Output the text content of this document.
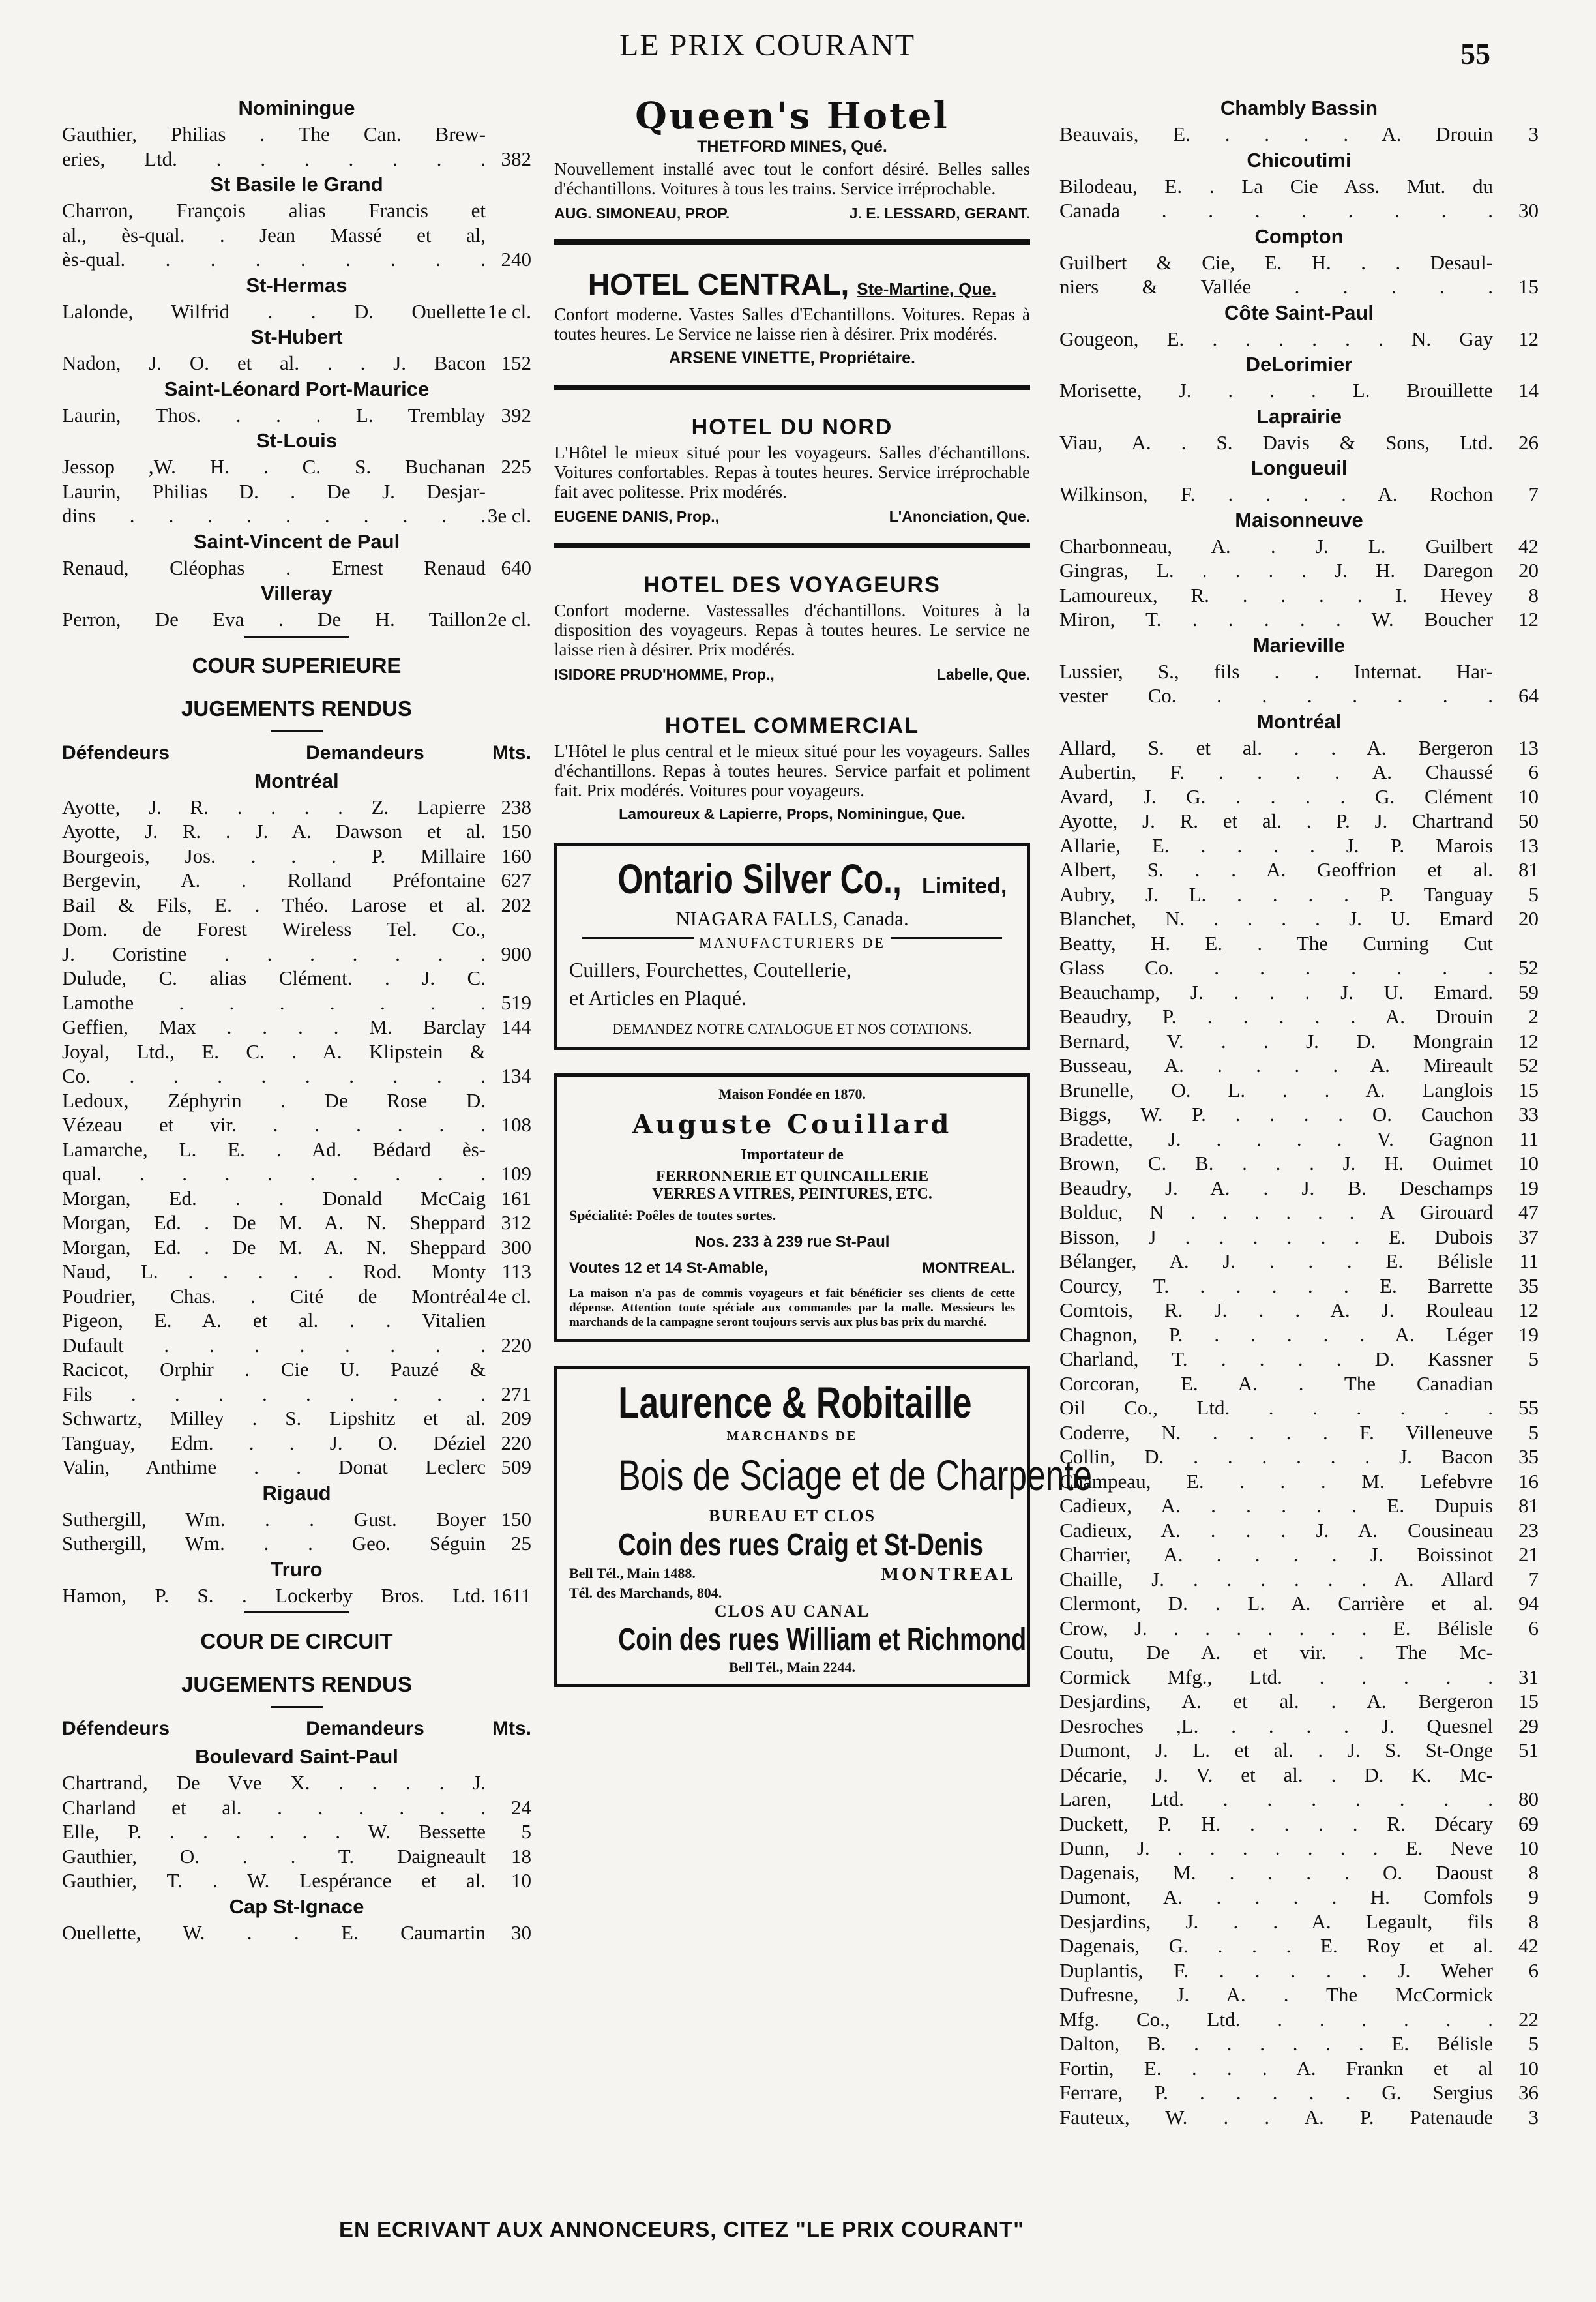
LE PRIX COURANT	55
Nominingue
Gauthier, Philias . The Can. Brew-
eries, Ltd. . . . . . . . 382
St Basile le Grand
Charron, François alias Francis et
al., ès-qual. . Jean Massé et al,
ès-qual. . . . . . . . . 240
St-Hermas
Lalonde, Wilfrid . . D. Ouellette 1e cl.
St-Hubert
Nadon, J. O. et al. . . J. Bacon 152
Saint-Léonard Port-Maurice
Laurin, Thos. . . . L. Tremblay 392
St-Louis
Jessop ,W. H. . C. S. Buchanan 225
Laurin, Philias D. . De J. Desjar-
dins . . . . . . . . . . 3e cl.
Saint-Vincent de Paul
Renaud, Cléophas . Ernest Renaud 640
Villeray
Perron, De Eva . De H. Taillon 2e cl.
COUR SUPERIEURE
JUGEMENTS RENDUS
Défendeurs	Demandeurs	Mts.
Montréal
Ayotte, J. R. . . . . Z. Lapierre 238
Ayotte, J. R. . J. A. Dawson et al. 150
Bourgeois, Jos. . . . P. Millaire 160
Bergevin, A. . Rolland Préfontaine 627
Bail & Fils, E. . Théo. Larose et al. 202
Dom. de Forest Wireless Tel. Co.,
J. Coristine . . . . . . . 900
Dulude, C. alias Clément. . J. C.
Lamothe . . . . . . . 519
Geffien, Max . . . . M. Barclay 144
Joyal, Ltd., E. C. . A. Klipstein &
Co. . . . . . . . . . 134
Ledoux, Zéphyrin . De Rose D.
Vézeau et vir. . . . . . . 108
Lamarche, L. E. . Ad. Bédard ès-
qual. . . . . . . . . . 109
Morgan, Ed. . . Donald McCaig 161
Morgan, Ed. . De M. A. N. Sheppard 312
Morgan, Ed. . De M. A. N. Sheppard 300
Naud, L. . . . . . Rod. Monty 113
Poudrier, Chas. . Cité de Montréal 4e cl.
Pigeon, E. A. et al. . . Vitalien
Dufault . . . . . . . . 220
Racicot, Orphir . Cie U. Pauzé &
Fils . . . . . . . . . 271
Schwartz, Milley . S. Lipshitz et al. 209
Tanguay, Edm. . . J. O. Déziel 220
Valin, Anthime . . Donat Leclerc 509
Rigaud
Suthergill, Wm. . . Gust. Boyer 150
Suthergill, Wm. . . Geo. Séguin	25
Truro
Hamon, P. S. . Lockerby Bros. Ltd. 1611
COUR DE CIRCUIT
JUGEMENTS RENDUS
Défendeurs	Demandeurs	Mts.
Boulevard Saint-Paul
Chartrand, De Vve X. . . . . J.
Charland et al. . . . . . .	24
Elle, P. . . . . . . W. Bessette	5
Gauthier, O. . . T. Daigneault	18
Gauthier, T. . W. Lespérance et al.	10
Cap St-Ignace
Ouellette, W. . . E. Caumartin	30
Queen's Hotel
THETFORD MINES, Qué.
Nouvellement installé avec tout le confort désiré. Belles salles d'échantillons. Voitures à tous les trains. Service irréprochable.
AUG. SIMONEAU, PROP.	J. E. LESSARD, GERANT.
HOTEL CENTRAL, Ste-Martine, Que.
Confort moderne. Vastes Salles d'Echantillons. Voitures. Repas à toutes heures. Le Service ne laisse rien à désirer. Prix modérés.
ARSENE VINETTE, Propriétaire.
HOTEL DU NORD
L'Hôtel le mieux situé pour les voyageurs. Salles d'échantillons. Voitures confortables. Repas à toutes heures. Service irréprochable fait avec politesse. Prix modérés.
EUGENE DANIS, Prop.,	L'Anonciation, Que.
HOTEL DES VOYAGEURS
Confort moderne. Vastessalles d'échantillons. Voitures à la disposition des voyageurs. Repas à toutes heures. Le service ne laisse rien à désirer. Prix modérés.
ISIDORE PRUD'HOMME, Prop.,	Labelle, Que.
HOTEL COMMERCIAL
L'Hôtel le plus central et le mieux situé pour les voyageurs. Salles d'échantillons. Repas à toutes heures. Service parfait et poliment fait. Prix modérés. Voitures pour voyageurs.
Lamoureux & Lapierre, Props, Nominingue, Que.
Ontario Silver Co., Limited,
NIAGARA FALLS, Canada.
MANUFACTURIERS DE
Cuillers, Fourchettes, Coutellerie,
et Articles en Plaqué.
DEMANDEZ NOTRE CATALOGUE ET NOS COTATIONS.
Maison Fondée en 1870.
Auguste Couillard
Importateur de
FERRONNERIE ET QUINCAILLERIE
VERRES A VITRES, PEINTURES, ETC.
Spécialité: Poêles de toutes sortes.
Nos. 233 à 239 rue St-Paul
Voutes 12 et 14 St-Amable,	MONTREAL.
La maison n'a pas de commis voyageurs et fait bénéficier ses clients de cette dépense. Attention toute spéciale aux commandes par la malle. Messieurs les marchands de la campagne seront toujours servis aux plus bas prix du marché.
Laurence & Robitaille
MARCHANDS DE
Bois de Sciage et de Charpente
BUREAU ET CLOS
Coin des rues Craig et St-Denis
Bell Tél., Main 1488.	MONTREAL
Tél. des Marchands, 804.
CLOS AU CANAL
Coin des rues William et Richmond
Bell Tél., Main 2244.
Chambly Bassin
Beauvais, E. . . . . A. Drouin	3
Chicoutimi
Bilodeau, E. . La Cie Ass. Mut. du
Canada . . . . . . . .	30
Compton
Guilbert & Cie, E. H. . . Desaul-
niers & Vallée . . . . .	15
Côte Saint-Paul
Gougeon, E. . . . . . . N. Gay	12
DeLorimier
Morisette, J. . . . L. Brouillette	14
Laprairie
Viau, A. . S. Davis & Sons, Ltd.	26
Longueuil
Wilkinson, F. . . . . A. Rochon	7
Maisonneuve
Charbonneau, A. . J. L. Guilbert	42
Gingras, L. . . . . J. H. Daregon	20
Lamoureux, R. . . . . I. Hevey	8
Miron, T. . . . . . W. Boucher	12
Marieville
Lussier, S., fils . . Internat. Har-
vester Co. . . . . . . .	64
Montréal
Allard, S. et al. . . A. Bergeron	13
Aubertin, F. . . . . A. Chaussé	6
Avard, J. G. . . . . G. Clément	10
Ayotte, J. R. et al. . P. J. Chartrand	50
Allarie, E. . . . . J. P. Marois	13
Albert, S. . . A. Geoffrion et al.	81
Aubry, J. L. . . . . P. Tanguay	5
Blanchet, N. . . . . J. U. Emard	20
Beatty, H. E. . The Curning Cut
Glass Co. . . . . . . .	52
Beauchamp, J. . . . J. U. Emard.	59
Beaudry, P. . . . . . A. Drouin	2
Bernard, V. . . J. D. Mongrain	12
Busseau, A. . . . . A. Mireault	52
Brunelle, O. L. . . A. Langlois	15
Biggs, W. P. . . . . O. Cauchon	33
Bradette, J. . . . . V. Gagnon	11
Brown, C. B. . . . J. H. Ouimet	10
Beaudry, J. A. . J. B. Deschamps	19
Bolduc, N . . . . . . A Girouard	47
Bisson, J . . . . . . E. Dubois	37
Bélanger, A. J. . . . E. Bélisle	11
Courcy, T. . . . . . E. Barrette	35
Comtois, R. J. . . A. J. Rouleau	12
Chagnon, P. . . . . . A. Léger	19
Charland, T. . . . . D. Kassner	5
Corcoran, E. A. . The Canadian
Oil Co., Ltd. . . . . . .	55
Coderre, N. . . . . F. Villeneuve	5
Collin, D. . . . . . . J. Bacon	35
Champeau, E. . . . M. Lefebvre	16
Cadieux, A. . . . . . E. Dupuis	81
Cadieux, A. . . . J. A. Cousineau	23
Charrier, A. . . . . J. Boissinot	21
Chaille, J. . . . . . . A. Allard	7
Clermont, D. . L. A. Carrière et al.	94
Crow, J. . . . . . . . E. Bélisle	6
Coutu, De A. et vir. . The Mc-
Cormick Mfg., Ltd. . . . . .	31
Desjardins, A. et al. . A. Bergeron	15
Desroches ,L. . . . . J. Quesnel	29
Dumont, J. L. et al. . J. S. St-Onge	51
Décarie, J. V. et al. . D. K. Mc-
Laren, Ltd. . . . . . . .	80
Duckett, P. H. . . . . R. Décary	69
Dunn, J. . . . . . . . E. Neve	10
Dagenais, M. . . . . O. Daoust	8
Dumont, A. . . . . H. Comfols	9
Desjardins, J. . . A. Legault, fils	8
Dagenais, G. . . . E. Roy et al.	42
Duplantis, F. . . . . . J. Weher	6
Dufresne, J. A. . The McCormick
Mfg. Co., Ltd. . . . . . .	22
Dalton, B. . . . . . . E. Bélisle	5
Fortin, E. . . . A. Frankn et al	10
Ferrare, P. . . . . . G. Sergius	36
Fauteux, W. . . A. P. Patenaude	3
EN ECRIVANT AUX ANNONCEURS, CITEZ "LE PRIX COURANT"
